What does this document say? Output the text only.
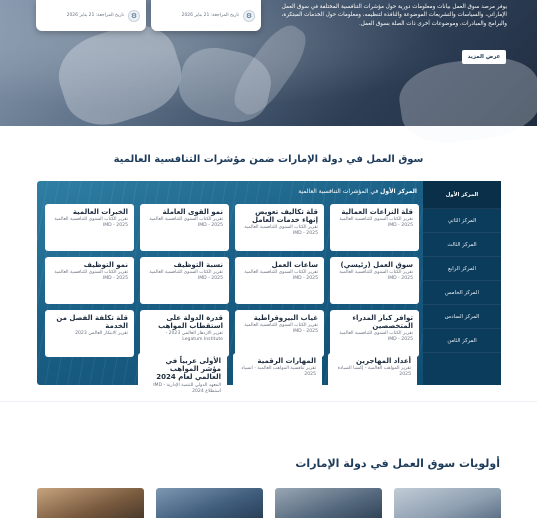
⚙
تاريخ المراجعة: 21 يناير 2026	⚙
تاريخ المراجعة: 21 يناير 2026

يوفر مرصد سوق العمل بيانات ومعلومات دورية حول مؤشرات التنافسية المختلفة في سوق العمل الإماراتي، والسياسات والتشريعات الموضوعة والنافذة لتنظيمه، ومعلومات حول الخدمات المبتكرة، والبرامج والمبادرات، وموضوعات أخرى ذات الصلة بسوق العمل.

عرض المزيد
سوق العمل في دولة الإمارات ضمن مؤشرات التنافسية العالمية
المركز الأول
المركز الثاني
المركز الثالث
المركز الرابع
المركز الخامس
المركز السادس
المركز الثامن
المركز الأول في المؤشرات التنافسية العالمية
قلة النزاعات العمالية
تقرير الكتاب السنوي للتنافسية العالمية 2025 - IMD
قلة تكاليف تعويض إنهاء خدمات العامل
تقرير الكتاب السنوي للتنافسية العالمية 2025 - IMD
نمو القوى العاملة
تقرير الكتاب السنوي للتنافسية العالمية 2025 - IMD
الخبرات العالمية
تقرير الكتاب السنوي للتنافسية العالمية 2025 - IMD
سوق العمل (رئيسي)
تقرير الكتاب السنوي للتنافسية العالمية 2025 - IMD
ساعات العمل
تقرير الكتاب السنوي للتنافسية العالمية 2025 - IMD
نسبة التوظيف
تقرير الكتاب السنوي للتنافسية العالمية 2025 - IMD
نمو التوظيف
تقرير الكتاب السنوي للتنافسية العالمية 2025 - IMD
توافر كبار المدراء المتخصصين
تقرير الكتاب السنوي للتنافسية العالمية 2025 - IMD
غياب البيروقراطية
تقرير الكتاب السنوي للتنافسية العالمية 2025 - IMD
قدرة الدولة على استقطاب المواهب
تقرير الازدهار العالمي 2023 - Legatum Institute
قلة تكلفة الفصل من الخدمة
تقرير الابتكار العالمي 2023
أعداد المهاجرين
تقرير المواهب العالمية - إكسبا الصيادة 2025
المهارات الرقمية
تقرير تنافسية المواهب العالمية - انسياد 2025
الأولى عربياً في مؤشر المواهب العالمي لعام 2024
المعهد الدولي للتنمية الإدارية - IMD استطلاع 2024
أولويات سوق العمل في دولة الإمارات
